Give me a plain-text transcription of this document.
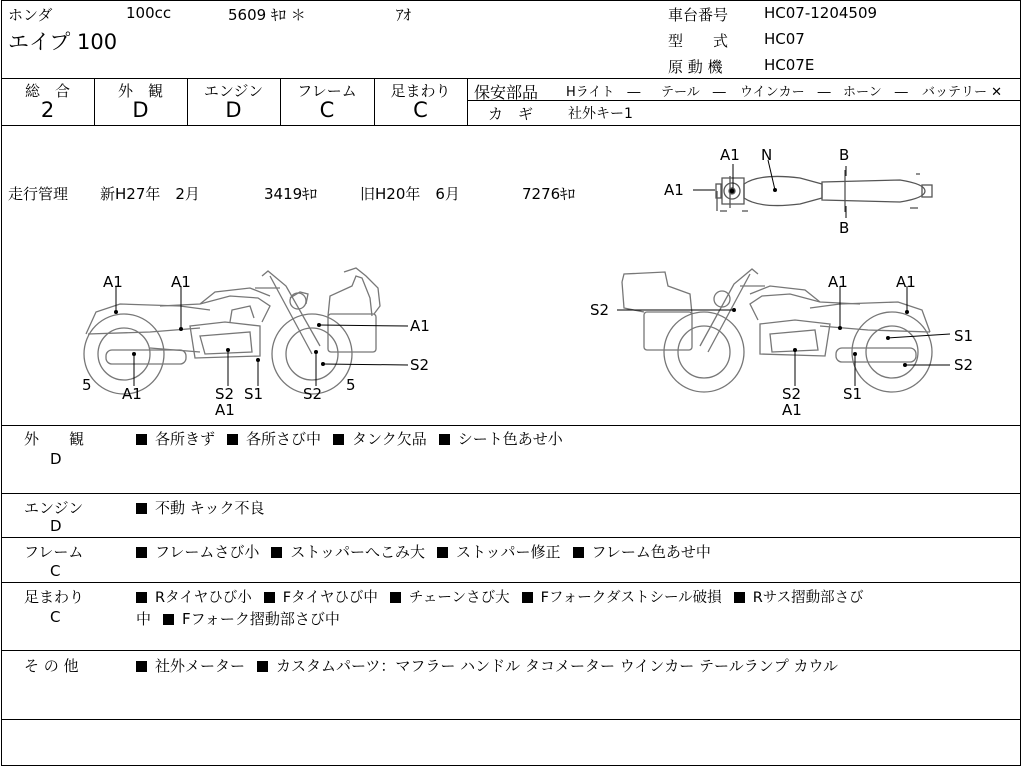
ホンダ	100cc	5609 ｷﾛ ＊	ｱｵ
エイプ 100
車台番号 HC07-1204509
型　　式 HC07
原 動 機	HC07E
総　合
2
外　観
D
エンジン
D
フレーム
C
足まわり
C
保安部品 Hライト　― テール　― ウインカー　― ホーン　― バッテリー ✕
カ　ギ 社外キー1
走行管理 新H27年　2月	3419ｷﾛ	旧H20年　6月	7276ｷﾛ	A1
A1 N	B
B
A1	A1
A1
S2
5 A1	S2 S1	S2 5
A1
S2
A1	A1
S1
S2
S2	S1
A1
外　　観
D
各所きず 各所さび中 タンク欠品 シート色あせ小
エンジン
D
不動 キック不良
フレーム
C
フレームさび小 ストッパーへこみ大 ストッパー修正 フレーム色あせ中
足まわり
C
Rタイヤひび小 Fタイヤひび中 チェーンさび大 Fフォークダストシール破損 Rサス摺動部さび
中 Fフォーク摺動部さび中
そ の 他	社外メーター カスタムパーツ：マフラー ハンドル タコメーター ウインカー テールランプ カウル
